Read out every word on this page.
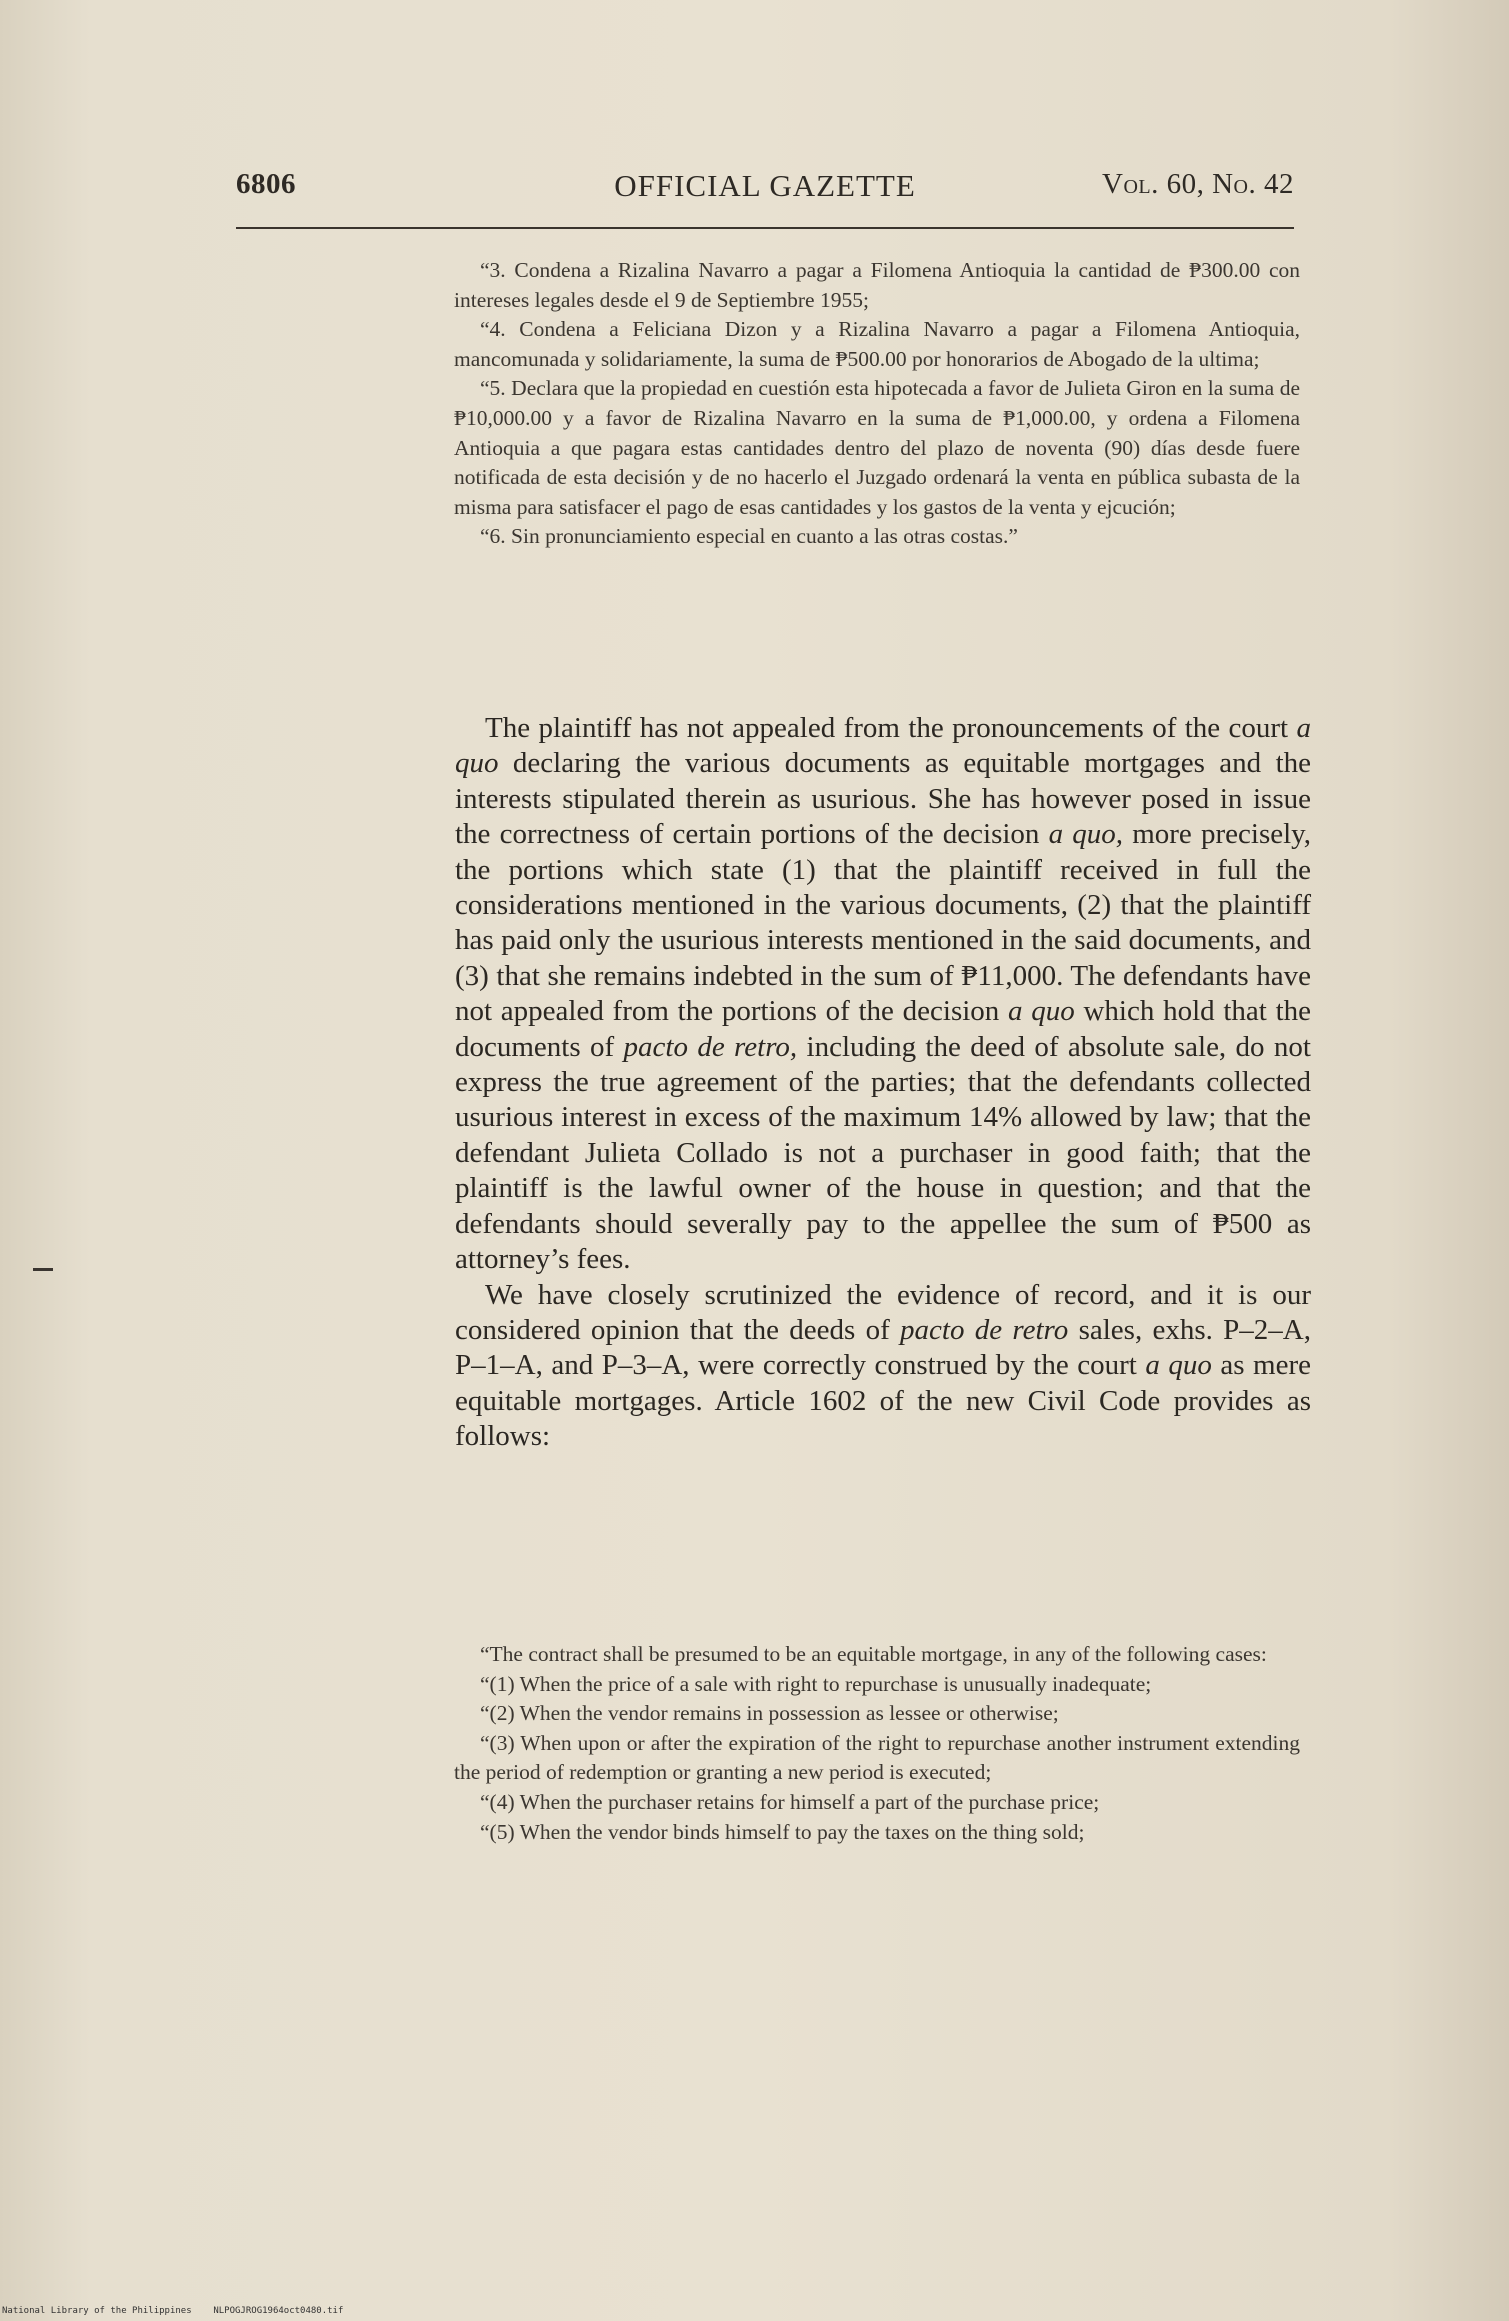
6806	OFFICIAL GAZETTE	Vol. 60, No. 42

“3. Condena a Rizalina Navarro a pagar a Filomena Antioquia la cantidad de ₱300.00 con intereses legales desde el 9 de Septiembre 1955;

“4. Condena a Feliciana Dizon y a Rizalina Navarro a pagar a Filomena Antioquia, mancomunada y solidariamente, la suma de ₱500.00 por honorarios de Abogado de la ultima;

“5. Declara que la propiedad en cuestión esta hipotecada a favor de Julieta Giron en la suma de ₱10,000.00 y a favor de Rizalina Navarro en la suma de ₱1,000.00, y ordena a Filomena Antioquia a que pagara estas cantidades dentro del plazo de noventa (90) días desde fuere notificada de esta decisión y de no hacerlo el Juzgado ordenará la venta en pública subasta de la misma para satisfacer el pago de esas cantidades y los gastos de la venta y ejcución;

“6. Sin pronunciamiento especial en cuanto a las otras costas.”

The plaintiff has not appealed from the pronouncements of the court a quo declaring the various documents as equitable mortgages and the interests stipulated therein as usurious. She has however posed in issue the correctness of certain portions of the decision a quo, more precisely, the portions which state (1) that the plaintiff received in full the considerations mentioned in the various documents, (2) that the plaintiff has paid only the usurious interests mentioned in the said documents, and (3) that she remains indebted in the sum of ₱11,000. The defendants have not appealed from the portions of the decision a quo which hold that the documents of pacto de retro, including the deed of absolute sale, do not express the true agreement of the parties; that the defendants collected usurious interest in excess of the maximum 14% allowed by law; that the defendant Julieta Collado is not a purchaser in good faith; that the plaintiff is the lawful owner of the house in question; and that the defendants should severally pay to the appellee the sum of ₱500 as attorney’s fees.

We have closely scrutinized the evidence of record, and it is our considered opinion that the deeds of pacto de retro sales, exhs. P–2–A, P–1–A, and P–3–A, were correctly construed by the court a quo as mere equitable mortgages. Article 1602 of the new Civil Code provides as follows:

“The contract shall be presumed to be an equitable mortgage, in any of the following cases:

“(1) When the price of a sale with right to repurchase is unusually inadequate;

“(2) When the vendor remains in possession as lessee or otherwise;

“(3) When upon or after the expiration of the right to repurchase another instrument extending the period of redemption or granting a new period is executed;

“(4) When the purchaser retains for himself a part of the purchase price;

“(5) When the vendor binds himself to pay the taxes on the thing sold;

National Library of the Philippines NLPOGJROG1964oct0480.tif
